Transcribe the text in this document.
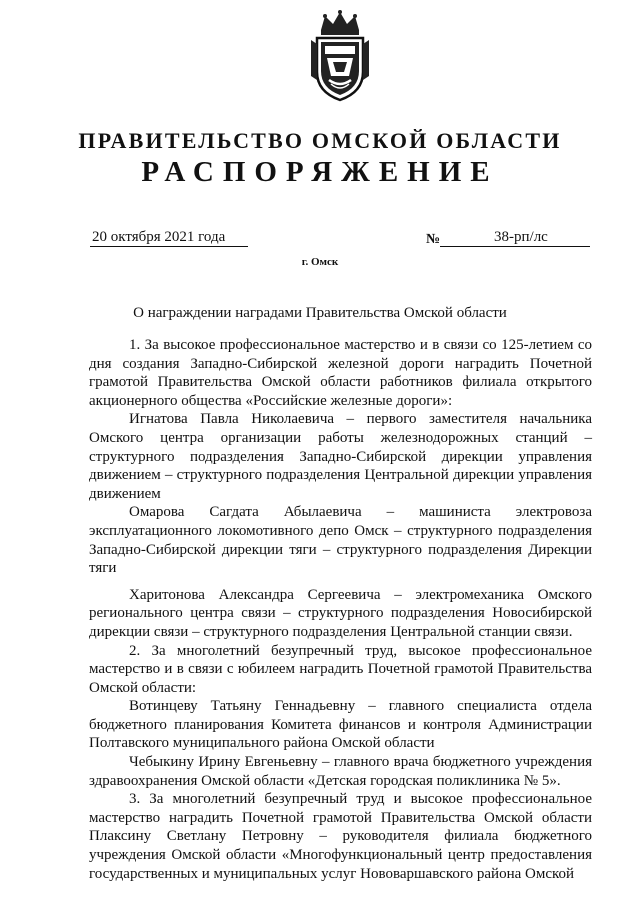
ПРАВИТЕЛЬСТВО ОМСКОЙ ОБЛАСТИ
РАСПОРЯЖЕНИЕ
20 октября 2021 года	№	38-рп/лс
г. Омск
О награждении наградами Правительства Омской области

1. За высокое профессиональное мастерство и в связи со 125-летием со дня создания Западно-Сибирской железной дороги наградить Почетной грамотой Правительства Омской области работников филиала открытого акционерного общества «Российские железные дороги»:

Игнатова Павла Николаевича – первого заместителя начальника Омского центра организации работы железнодорожных станций – структурного подразделения Западно-Сибирской дирекции управления движением – структурного подразделения Центральной дирекции управления движением

Омарова Сагдата Абылаевича – машиниста электровоза эксплуатационного локомотивного депо Омск – структурного подразделения Западно-Сибирской дирекции тяги – структурного подразделения Дирекции тяги

Харитонова Александра Сергеевича – электромеханика Омского регионального центра связи – структурного подразделения Новосибирской дирекции связи – структурного подразделения Центральной станции связи.

2. За многолетний безупречный труд, высокое профессиональное мастерство и в связи с юбилеем наградить Почетной грамотой Правительства Омской области:

Вотинцеву Татьяну Геннадьевну – главного специалиста отдела бюджетного планирования Комитета финансов и контроля Администрации Полтавского муниципального района Омской области

Чебыкину Ирину Евгеньевну – главного врача бюджетного учреждения здравоохранения Омской области «Детская городская поликлиника № 5».

3. За многолетний безупречный труд и высокое профессиональное мастерство наградить Почетной грамотой Правительства Омской области Плаксину Светлану Петровну – руководителя филиала бюджетного учреждения Омской области «Многофункциональный центр предоставления государственных и муниципальных услуг Нововаршавского района Омской
